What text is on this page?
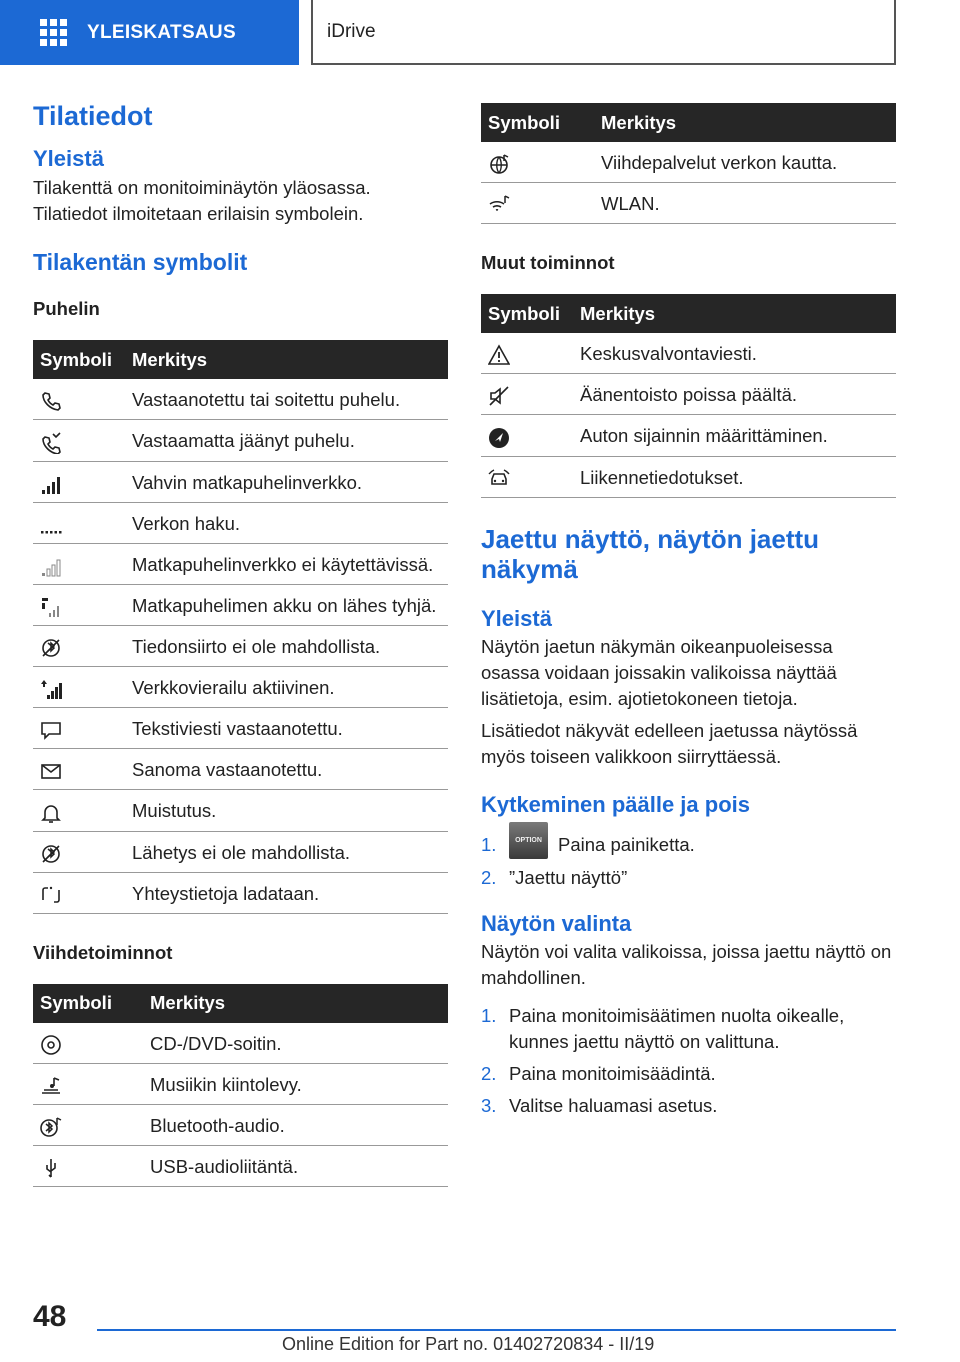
YLEISKATSAUS	iDrive
Tilatiedot
Yleistä
Tilakenttä on monitoiminäytön yläosassa. Tilatiedot ilmoitetaan erilaisin symbolein.
Tilakentän symbolit
Puhelin
Symboli	Merkitys
	Vastaanotettu tai soitettu puhelu.
	Vastaamatta jäänyt puhelu.
	Vahvin matkapuhelinverkko.
	Verkon haku.
	Matkapuhelinverkko ei käytettävissä.
	Matkapuhelimen akku on lähes tyhjä.
	Tiedonsiirto ei ole mahdollista.
	Verkkovierailu aktiivinen.
	Tekstiviesti vastaanotettu.
	Sanoma vastaanotettu.
	Muistutus.
	Lähetys ei ole mahdollista.
	Yhteystietoja ladataan.
Viihdetoiminnot
Symboli	Merkitys
	CD-/DVD-soitin.
	Musiikin kiintolevy.
	Bluetooth-audio.
	USB-audioliitäntä.
Symboli	Merkitys
	Viihdepalvelut verkon kautta.
	WLAN.
Muut toiminnot
Symboli	Merkitys
	Keskusvalvontaviesti.
	Äänentoisto poissa päältä.
	Auton sijainnin määrittäminen.
	Liikennetiedotukset.
Jaettu näyttö, näytön jaettu näkymä
Yleistä
Näytön jaetun näkymän oikeanpuoleisessa osassa voidaan joissakin valikoissa näyttää lisätietoja, esim. ajotietokoneen tietoja.
Lisätiedot näkyvät edelleen jaetussa näytössä myös toiseen valikkoon siirryttäessä.
Kytkeminen päälle ja pois
1.	OPTION Paina painiketta.
2. ”Jaettu näyttö”
Näytön valinta
Näytön voi valita valikoissa, joissa jaettu näyttö on mahdollinen.
1. Paina monitoimisäätimen nuolta oikealle, kunnes jaettu näyttö on valittuna.
2. Paina monitoimisäädintä.
3. Valitse haluamasi asetus.
48
Online Edition for Part no. 01402720834 - II/19
